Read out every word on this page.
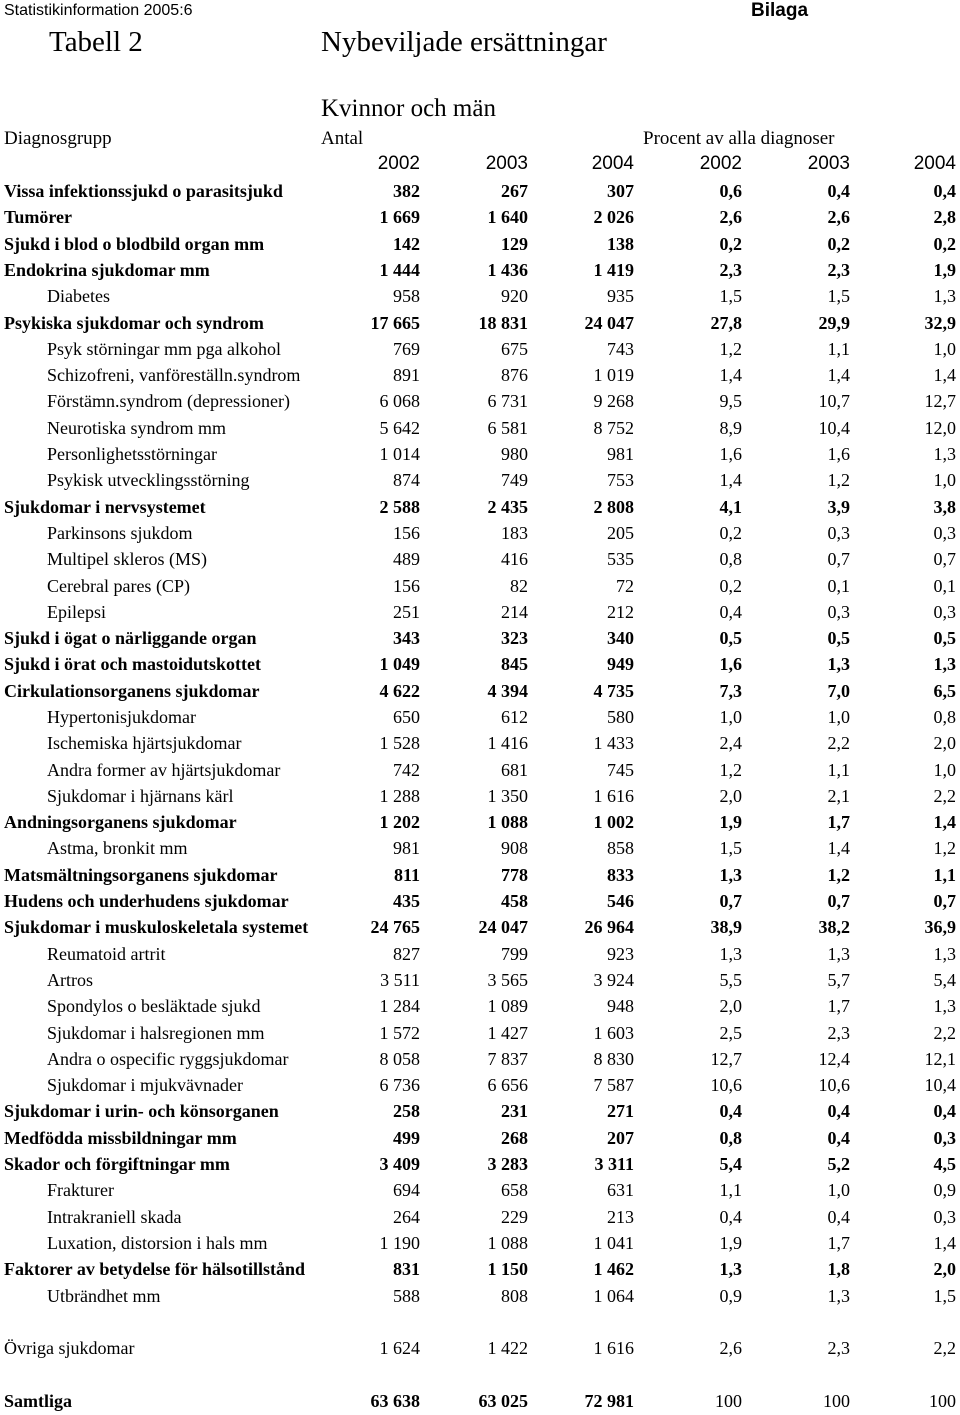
Statistikinformation 2005:6	Bilaga
Tabell 2	Nybeviljade ersättningar
Kvinnor och män
Diagnosgrupp	Antal	Procent av alla diagnoser
2002	2003	2004	2002	2003	2004
Vissa infektionssjukd o parasitsjukd	382	267	307	0,6	0,4	0,4
Tumörer	1 669	1 640	2 026	2,6	2,6	2,8
Sjukd i blod o blodbild organ mm	142	129	138	0,2	0,2	0,2
Endokrina sjukdomar mm	1 444	1 436	1 419	2,3	2,3	1,9
Diabetes	958	920	935	1,5	1,5	1,3
Psykiska sjukdomar och syndrom	17 665	18 831	24 047	27,8	29,9	32,9
Psyk störningar mm pga alkohol	769	675	743	1,2	1,1	1,0
Schizofreni, vanföreställn.syndrom	891	876	1 019	1,4	1,4	1,4
Förstämn.syndrom (depressioner)	6 068	6 731	9 268	9,5	10,7	12,7
Neurotiska syndrom mm	5 642	6 581	8 752	8,9	10,4	12,0
Personlighetsstörningar	1 014	980	981	1,6	1,6	1,3
Psykisk utvecklingsstörning	874	749	753	1,4	1,2	1,0
Sjukdomar i nervsystemet	2 588	2 435	2 808	4,1	3,9	3,8
Parkinsons sjukdom	156	183	205	0,2	0,3	0,3
Multipel skleros (MS)	489	416	535	0,8	0,7	0,7
Cerebral pares (CP)	156	82	72	0,2	0,1	0,1
Epilepsi	251	214	212	0,4	0,3	0,3
Sjukd i ögat o närliggande organ	343	323	340	0,5	0,5	0,5
Sjukd i örat och mastoidutskottet	1 049	845	949	1,6	1,3	1,3
Cirkulationsorganens sjukdomar	4 622	4 394	4 735	7,3	7,0	6,5
Hypertonisjukdomar	650	612	580	1,0	1,0	0,8
Ischemiska hjärtsjukdomar	1 528	1 416	1 433	2,4	2,2	2,0
Andra former av hjärtsjukdomar	742	681	745	1,2	1,1	1,0
Sjukdomar i hjärnans kärl	1 288	1 350	1 616	2,0	2,1	2,2
Andningsorganens sjukdomar	1 202	1 088	1 002	1,9	1,7	1,4
Astma, bronkit mm	981	908	858	1,5	1,4	1,2
Matsmältningsorganens sjukdomar	811	778	833	1,3	1,2	1,1
Hudens och underhudens sjukdomar	435	458	546	0,7	0,7	0,7
Sjukdomar i muskuloskeletala systemet	24 765	24 047	26 964	38,9	38,2	36,9
Reumatoid artrit	827	799	923	1,3	1,3	1,3
Artros	3 511	3 565	3 924	5,5	5,7	5,4
Spondylos o besläktade sjukd	1 284	1 089	948	2,0	1,7	1,3
Sjukdomar i halsregionen mm	1 572	1 427	1 603	2,5	2,3	2,2
Andra o ospecific ryggsjukdomar	8 058	7 837	8 830	12,7	12,4	12,1
Sjukdomar i mjukvävnader	6 736	6 656	7 587	10,6	10,6	10,4
Sjukdomar i urin- och könsorganen	258	231	271	0,4	0,4	0,4
Medfödda missbildningar mm	499	268	207	0,8	0,4	0,3
Skador och förgiftningar mm	3 409	3 283	3 311	5,4	5,2	4,5
Frakturer	694	658	631	1,1	1,0	0,9
Intrakraniell skada	264	229	213	0,4	0,4	0,3
Luxation, distorsion i hals mm	1 190	1 088	1 041	1,9	1,7	1,4
Faktorer av betydelse för hälsotillstånd	831	1 150	1 462	1,3	1,8	2,0
Utbrändhet mm	588	808	1 064	0,9	1,3	1,5
Övriga sjukdomar	1 624	1 422	1 616	2,6	2,3	2,2
Samtliga	63 638	63 025	72 981	100	100	100
